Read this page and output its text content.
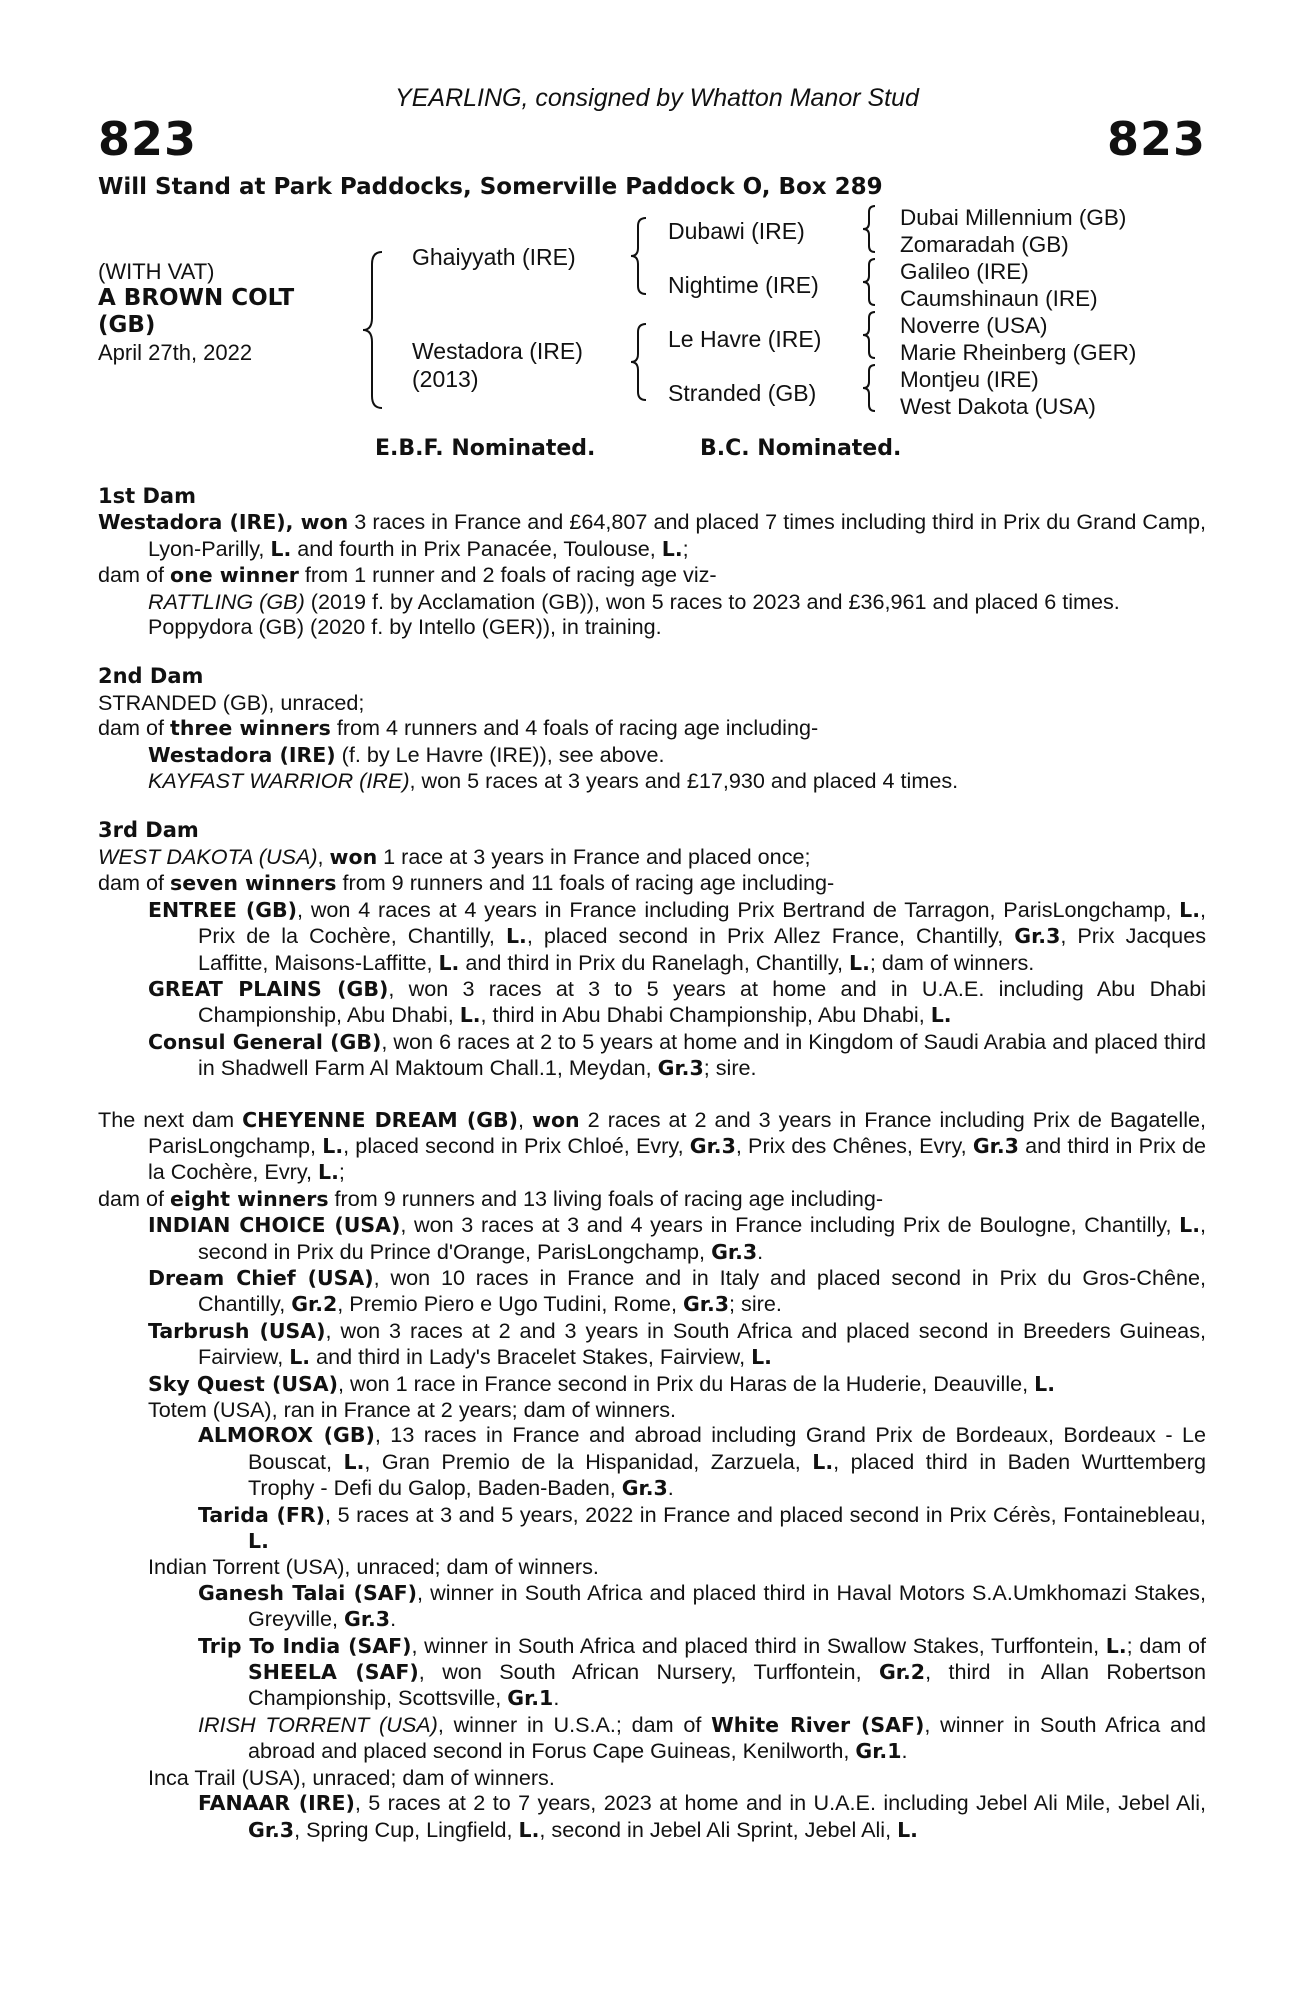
YEARLING, consigned by Whatton Manor Stud
823	823
Will Stand at Park Paddocks, Somerville Paddock O, Box 289
(WITH VAT)
A BROWN COLT
(GB)
April 27th, 2022
Ghaiyyath (IRE)
Westadora (IRE)
(2013)
Dubawi (IRE)
Nightime (IRE)
Le Havre (IRE)
Stranded (GB)
Dubai Millennium (GB)
Zomaradah (GB)
Galileo (IRE)
Caumshinaun (IRE)
Noverre (USA)
Marie Rheinberg (GER)
Montjeu (IRE)
West Dakota (USA)
E.B.F. Nominated.	B.C. Nominated.

1st Dam

Westadora (IRE), won 3 races in France and £64,807 and placed 7 times including third in Prix du Grand Camp, Lyon-Parilly, L. and fourth in Prix Panacée, Toulouse, L.;

dam of one winner from 1 runner and 2 foals of racing age viz-

RATTLING (GB) (2019 f. by Acclamation (GB)), won 5 races to 2023 and £36,961 and placed 6 times.

Poppydora (GB) (2020 f. by Intello (GER)), in training.

2nd Dam

STRANDED (GB), unraced;

dam of three winners from 4 runners and 4 foals of racing age including-

Westadora (IRE) (f. by Le Havre (IRE)), see above.

KAYFAST WARRIOR (IRE), won 5 races at 3 years and £17,930 and placed 4 times.

3rd Dam

WEST DAKOTA (USA), won 1 race at 3 years in France and placed once;

dam of seven winners from 9 runners and 11 foals of racing age including-

ENTREE (GB), won 4 races at 4 years in France including Prix Bertrand de Tarragon, ParisLongchamp, L., Prix de la Cochère, Chantilly, L., placed second in Prix Allez France, Chantilly, Gr.3, Prix Jacques Laffitte, Maisons-Laffitte, L. and third in Prix du Ranelagh, Chantilly, L.; dam of winners.

GREAT PLAINS (GB), won 3 races at 3 to 5 years at home and in U.A.E. including Abu Dhabi Championship, Abu Dhabi, L., third in Abu Dhabi Championship, Abu Dhabi, L.

Consul General (GB), won 6 races at 2 to 5 years at home and in Kingdom of Saudi Arabia and placed third in Shadwell Farm Al Maktoum Chall.1, Meydan, Gr.3; sire.

The next dam CHEYENNE DREAM (GB), won 2 races at 2 and 3 years in France including Prix de Bagatelle, ParisLongchamp, L., placed second in Prix Chloé, Evry, Gr.3, Prix des Chênes, Evry, Gr.3 and third in Prix de la Cochère, Evry, L.;

dam of eight winners from 9 runners and 13 living foals of racing age including-

INDIAN CHOICE (USA), won 3 races at 3 and 4 years in France including Prix de Boulogne, Chantilly, L., second in Prix du Prince d'Orange, ParisLongchamp, Gr.3.

Dream Chief (USA), won 10 races in France and in Italy and placed second in Prix du Gros-Chêne, Chantilly, Gr.2, Premio Piero e Ugo Tudini, Rome, Gr.3; sire.

Tarbrush (USA), won 3 races at 2 and 3 years in South Africa and placed second in Breeders Guineas, Fairview, L. and third in Lady's Bracelet Stakes, Fairview, L.

Sky Quest (USA), won 1 race in France second in Prix du Haras de la Huderie, Deauville, L.

Totem (USA), ran in France at 2 years; dam of winners.

ALMOROX (GB), 13 races in France and abroad including Grand Prix de Bordeaux, Bordeaux - Le Bouscat, L., Gran Premio de la Hispanidad, Zarzuela, L., placed third in Baden Wurttemberg Trophy - Defi du Galop, Baden-Baden, Gr.3.

Tarida (FR), 5 races at 3 and 5 years, 2022 in France and placed second in Prix Cérès, Fontainebleau, L.

Indian Torrent (USA), unraced; dam of winners.

Ganesh Talai (SAF), winner in South Africa and placed third in Haval Motors S.A.Umkhomazi Stakes, Greyville, Gr.3.

Trip To India (SAF), winner in South Africa and placed third in Swallow Stakes, Turffontein, L.; dam of SHEELA (SAF), won South African Nursery, Turffontein, Gr.2, third in Allan Robertson Championship, Scottsville, Gr.1.

IRISH TORRENT (USA), winner in U.S.A.; dam of White River (SAF), winner in South Africa and abroad and placed second in Forus Cape Guineas, Kenilworth, Gr.1.

Inca Trail (USA), unraced; dam of winners.

FANAAR (IRE), 5 races at 2 to 7 years, 2023 at home and in U.A.E. including Jebel Ali Mile, Jebel Ali, Gr.3, Spring Cup, Lingfield, L., second in Jebel Ali Sprint, Jebel Ali, L.
